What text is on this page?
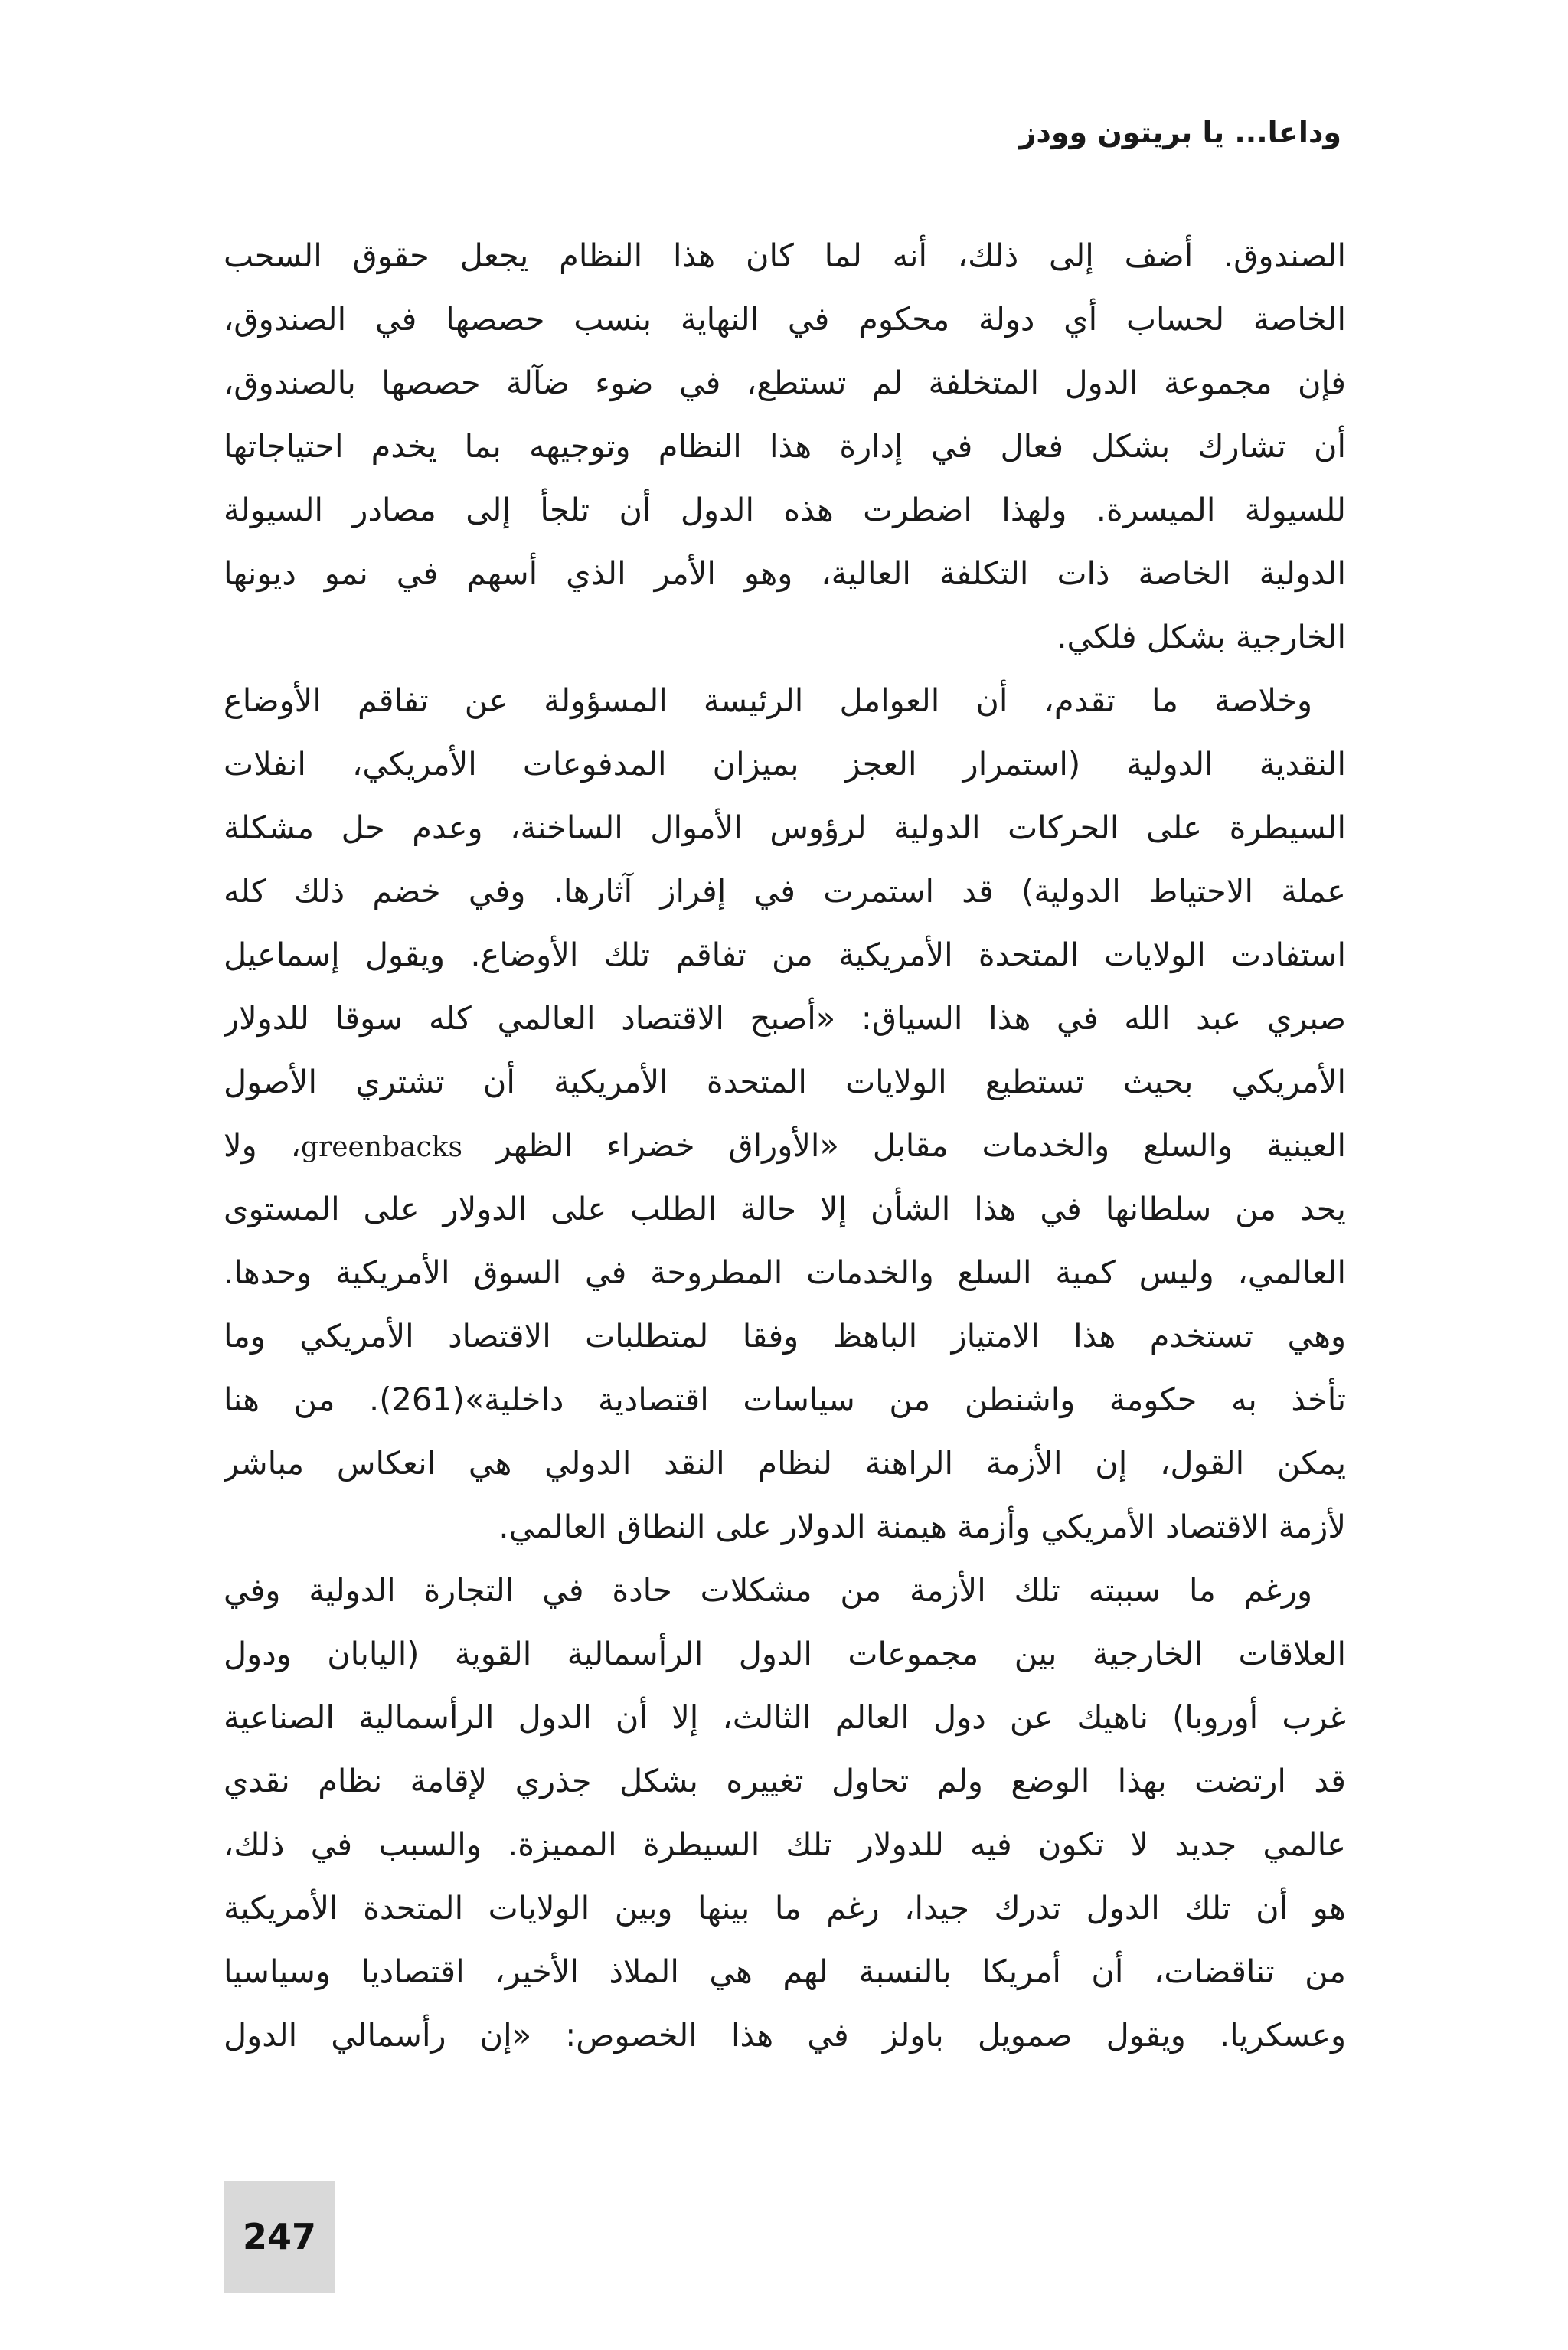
وداعا... يا بريتون وودز
الصندوق. أضف إلى ذلك، أنه لما كان هذا النظام يجعل حقوق السحب
الخاصة لحساب أي دولة محكوم في النهاية بنسب حصصها في الصندوق،
فإن مجموعة الدول المتخلفة لم تستطع، في ضوء ضآلة حصصها بالصندوق،
أن تشارك بشكل فعال في إدارة هذا النظام وتوجيهه بما يخدم احتياجاتها
للسيولة الميسرة. ولهذا اضطرت هذه الدول أن تلجأ إلى مصادر السيولة
الدولية الخاصة ذات التكلفة العالية، وهو الأمر الذي أسهم في نمو ديونها
الخارجية بشكل فلكي.
وخلاصة ما تقدم، أن العوامل الرئيسة المسؤولة عن تفاقم الأوضاع
النقدية الدولية (استمرار العجز بميزان المدفوعات الأمريكي، انفلات
السيطرة على الحركات الدولية لرؤوس الأموال الساخنة، وعدم حل مشكلة
عملة الاحتياط الدولية) قد استمرت في إفراز آثارها. وفي خضم ذلك كله
استفادت الولايات المتحدة الأمريكية من تفاقم تلك الأوضاع. ويقول إسماعيل
صبري عبد الله في هذا السياق: «أصبح الاقتصاد العالمي كله سوقا للدولار
الأمريكي بحيث تستطيع الولايات المتحدة الأمريكية أن تشتري الأصول
العينية والسلع والخدمات مقابل «الأوراق خضراء الظهر greenbacks، ولا
يحد من سلطانها في هذا الشأن إلا حالة الطلب على الدولار على المستوى
العالمي، وليس كمية السلع والخدمات المطروحة في السوق الأمريكية وحدها.
وهي تستخدم هذا الامتياز الباهظ وفقا لمتطلبات الاقتصاد الأمريكي وما
تأخذ به حكومة واشنطن من سياسات اقتصادية داخلية»(261). من هنا
يمكن القول، إن الأزمة الراهنة لنظام النقد الدولي هي انعكاس مباشر
لأزمة الاقتصاد الأمريكي وأزمة هيمنة الدولار على النطاق العالمي.
ورغم ما سببته تلك الأزمة من مشكلات حادة في التجارة الدولية وفي
العلاقات الخارجية بين مجموعات الدول الرأسمالية القوية (اليابان ودول
غرب أوروبا) ناهيك عن دول العالم الثالث، إلا أن الدول الرأسمالية الصناعية
قد ارتضت بهذا الوضع ولم تحاول تغييره بشكل جذري لإقامة نظام نقدي
عالمي جديد لا تكون فيه للدولار تلك السيطرة المميزة. والسبب في ذلك،
هو أن تلك الدول تدرك جيدا، رغم ما بينها وبين الولايات المتحدة الأمريكية
من تناقضات، أن أمريكا بالنسبة لهم هي الملاذ الأخير، اقتصاديا وسياسيا
وعسكريا. ويقول صمويل باولز في هذا الخصوص: «إن رأسمالي الدول
247
